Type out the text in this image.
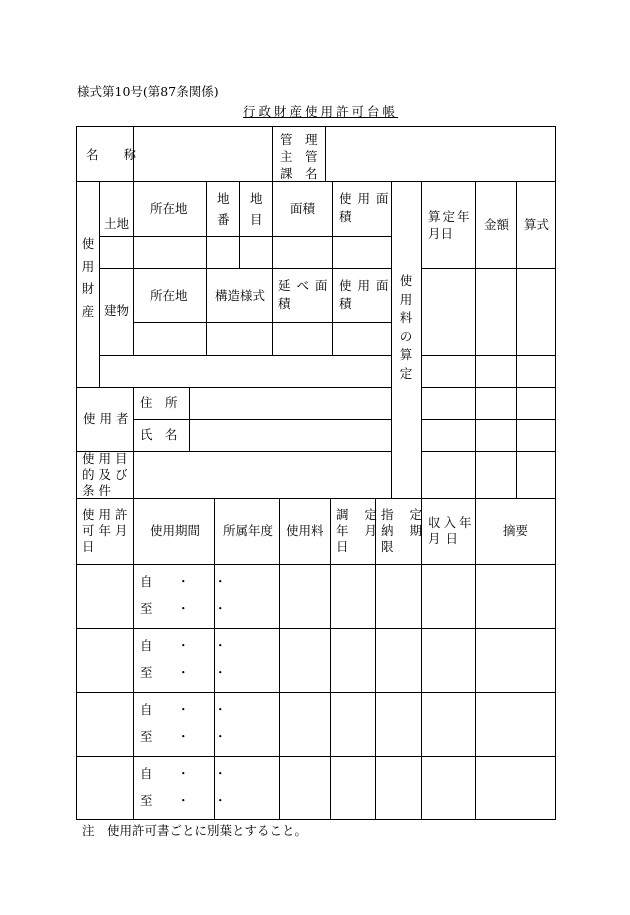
様式第10号(第87条関係)
行政財産使用許可台帳
名　　称
管　理
主　管
課　名
使
用
財
産
土地
所在地
地
番
地
目
面積
使用面
積
建物
所在地 構造様式
延べ面
積
使用面
積
使
用
料
の
算
定
算定年
月日
金額 算式
使用者
住　所
氏　名
使用目
的及び
条件
使用許
可年月
日
使用期間 所属年度 使用料
調定
年月
日
指定
納期
限
収入年
月日
摘要
自　・　・
至　・　・
自　・　・
至　・　・
自　・　・
至　・　・
自　・　・
至　・　・
注　使用許可書ごとに別葉とすること。
